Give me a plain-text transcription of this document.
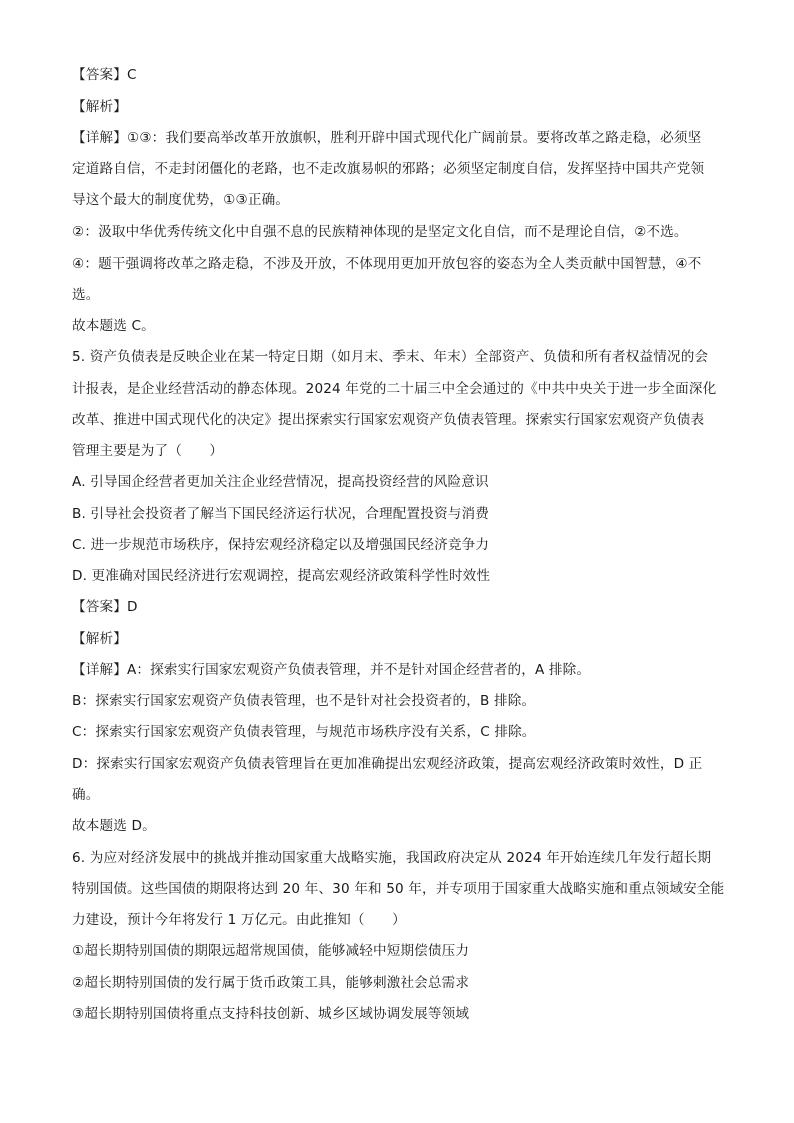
【答案】C
【解析】
【详解】①③：我们要高举改革开放旗帜，胜利开辟中国式现代化广阔前景。要将改革之路走稳，必须坚
定道路自信，不走封闭僵化的老路，也不走改旗易帜的邪路；必须坚定制度自信，发挥坚持中国共产党领
导这个最大的制度优势，①③正确。
②：汲取中华优秀传统文化中自强不息的民族精神体现的是坚定文化自信，而不是理论自信，②不选。
④：题干强调将改革之路走稳，不涉及开放，不体现用更加开放包容的姿态为全人类贡献中国智慧，④不
选。
故本题选 C。
5. 资产负债表是反映企业在某一特定日期（如月末、季末、年末）全部资产、负债和所有者权益情况的会
计报表，是企业经营活动的静态体现。2024 年党的二十届三中全会通过的《中共中央关于进一步全面深化
改革、推进中国式现代化的决定》提出探索实行国家宏观资产负债表管理。探索实行国家宏观资产负债表
管理主要是为了（　　）
A. 引导国企经营者更加关注企业经营情况，提高投资经营的风险意识
B. 引导社会投资者了解当下国民经济运行状况，合理配置投资与消费
C. 进一步规范市场秩序，保持宏观经济稳定以及增强国民经济竞争力
D. 更准确对国民经济进行宏观调控，提高宏观经济政策科学性时效性
【答案】D
【解析】
【详解】A：探索实行国家宏观资产负债表管理，并不是针对国企经营者的，A 排除。
B：探索实行国家宏观资产负债表管理，也不是针对社会投资者的，B 排除。
C：探索实行国家宏观资产负债表管理，与规范市场秩序没有关系，C 排除。
D：探索实行国家宏观资产负债表管理旨在更加准确提出宏观经济政策，提高宏观经济政策时效性，D 正
确。
故本题选 D。
6. 为应对经济发展中的挑战并推动国家重大战略实施，我国政府决定从 2024 年开始连续几年发行超长期
特别国债。这些国债的期限将达到 20 年、30 年和 50 年，并专项用于国家重大战略实施和重点领域安全能
力建设，预计今年将发行 1 万亿元。由此推知（　　）
①超长期特别国债的期限远超常规国债，能够减轻中短期偿债压力
②超长期特别国债的发行属于货币政策工具，能够刺激社会总需求
③超长期特别国债将重点支持科技创新、城乡区域协调发展等领域
